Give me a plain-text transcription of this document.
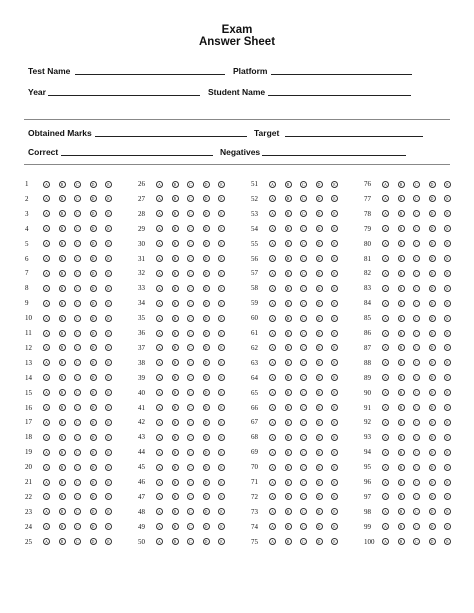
Exam
Answer Sheet
Test Name	Platform
Year	Student Name
Obtained Marks	Target
Correct	Negatives
1	A	B	C	D	E
2	A	B	C	D	E
3	A	B	C	D	E
4	A	B	C	D	E
5	A	B	C	D	E
6	A	B	C	D	E
7	A	B	C	D	E
8	A	B	C	D	E
9	A	B	C	D	E
10	A	B	C	D	E
11	A	B	C	D	E
12	A	B	C	D	E
13	A	B	C	D	E
14	A	B	C	D	E
15	A	B	C	D	E
16	A	B	C	D	E
17	A	B	C	D	E
18	A	B	C	D	E
19	A	B	C	D	E
20	A	B	C	D	E
21	A	B	C	D	E
22	A	B	C	D	E
23	A	B	C	D	E
24	A	B	C	D	E
25	A	B	C	D	E
26	A	B	C	D	E
27	A	B	C	D	E
28	A	B	C	D	E
29	A	B	C	D	E
30	A	B	C	D	E
31	A	B	C	D	E
32	A	B	C	D	E
33	A	B	C	D	E
34	A	B	C	D	E
35	A	B	C	D	E
36	A	B	C	D	E
37	A	B	C	D	E
38	A	B	C	D	E
39	A	B	C	D	E
40	A	B	C	D	E
41	A	B	C	D	E
42	A	B	C	D	E
43	A	B	C	D	E
44	A	B	C	D	E
45	A	B	C	D	E
46	A	B	C	D	E
47	A	B	C	D	E
48	A	B	C	D	E
49	A	B	C	D	E
50	A	B	C	D	E
51	A	B	C	D	E
52	A	B	C	D	E
53	A	B	C	D	E
54	A	B	C	D	E
55	A	B	C	D	E
56	A	B	C	D	E
57	A	B	C	D	E
58	A	B	C	D	E
59	A	B	C	D	E
60	A	B	C	D	E
61	A	B	C	D	E
62	A	B	C	D	E
63	A	B	C	D	E
64	A	B	C	D	E
65	A	B	C	D	E
66	A	B	C	D	E
67	A	B	C	D	E
68	A	B	C	D	E
69	A	B	C	D	E
70	A	B	C	D	E
71	A	B	C	D	E
72	A	B	C	D	E
73	A	B	C	D	E
74	A	B	C	D	E
75	A	B	C	D	E
76	A	B	C	D	E
77	A	B	C	D	E
78	A	B	C	D	E
79	A	B	C	D	E
80	A	B	C	D	E
81	A	B	C	D	E
82	A	B	C	D	E
83	A	B	C	D	E
84	A	B	C	D	E
85	A	B	C	D	E
86	A	B	C	D	E
87	A	B	C	D	E
88	A	B	C	D	E
89	A	B	C	D	E
90	A	B	C	D	E
91	A	B	C	D	E
92	A	B	C	D	E
93	A	B	C	D	E
94	A	B	C	D	E
95	A	B	C	D	E
96	A	B	C	D	E
97	A	B	C	D	E
98	A	B	C	D	E
99	A	B	C	D	E
100	A	B	C	D	E
